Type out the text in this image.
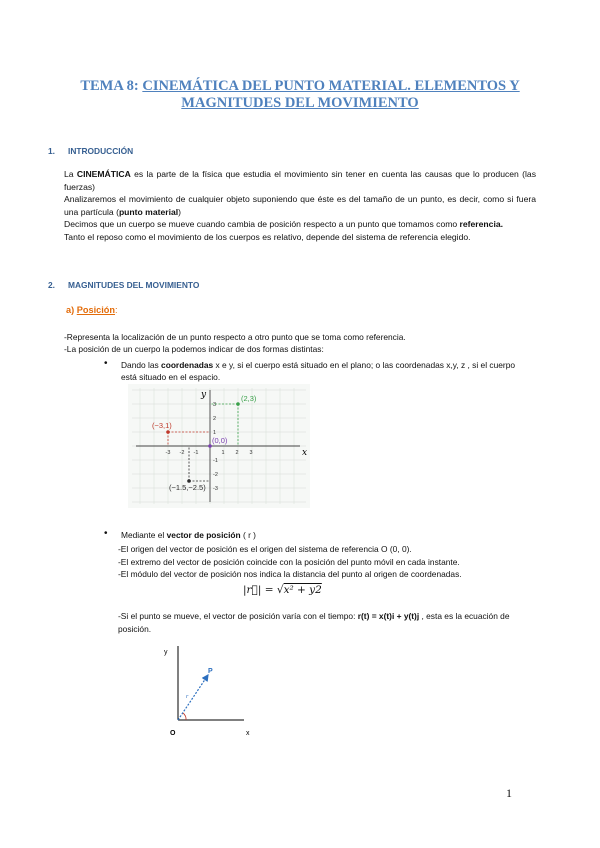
TEMA 8: CINEMÁTICA DEL PUNTO MATERIAL. ELEMENTOS Y
MAGNITUDES DEL MOVIMIENTO
1. INTRODUCCIÓN

La CINEMÁTICA es la parte de la física que estudia el movimiento sin tener en cuenta las causas que lo producen (las fuerzas)

Analizaremos el movimiento de cualquier objeto suponiendo que éste es del tamaño de un punto, es decir, como si fuera una partícula (punto material)

Decimos que un cuerpo se mueve cuando cambia de posición respecto a un punto que tomamos como referencia.

Tanto el reposo como el movimiento de los cuerpos es relativo, depende del sistema de referencia elegido.

2. MAGNITUDES DEL MOVIMIENTO
a) Posición:

-Representa la localización de un punto respecto a otro punto que se toma como referencia.

-La posición de un cuerpo la podemos indicar de dos formas distintas:

• Dando las coordenadas x e y, si el cuerpo está situado en el plano; o las coordenadas x,y, z , si el cuerpo está situado en el espacio.
x
y
-3
-3
-2
-2
-1
-1
1
1
2
2
3
3
(2,3)
(−3,1)
(0,0)
(−1.5,−2.5)
• Mediante el vector de posición ( r )
-El origen del vector de posición es el origen del sistema de referencia O (0, 0).
-El extremo del vector de posición coincide con la posición del punto móvil en cada instante.
-El módulo del vector de posición nos indica la distancia del punto al origen de coordenadas.
|r⃗| = √x² + y2
-Si el punto se mueve, el vector de posición varía con el tiempo: r(t) = x(t)i + y(t)j , esta es la ecuación de posición.
y
x
O
P
r
1
